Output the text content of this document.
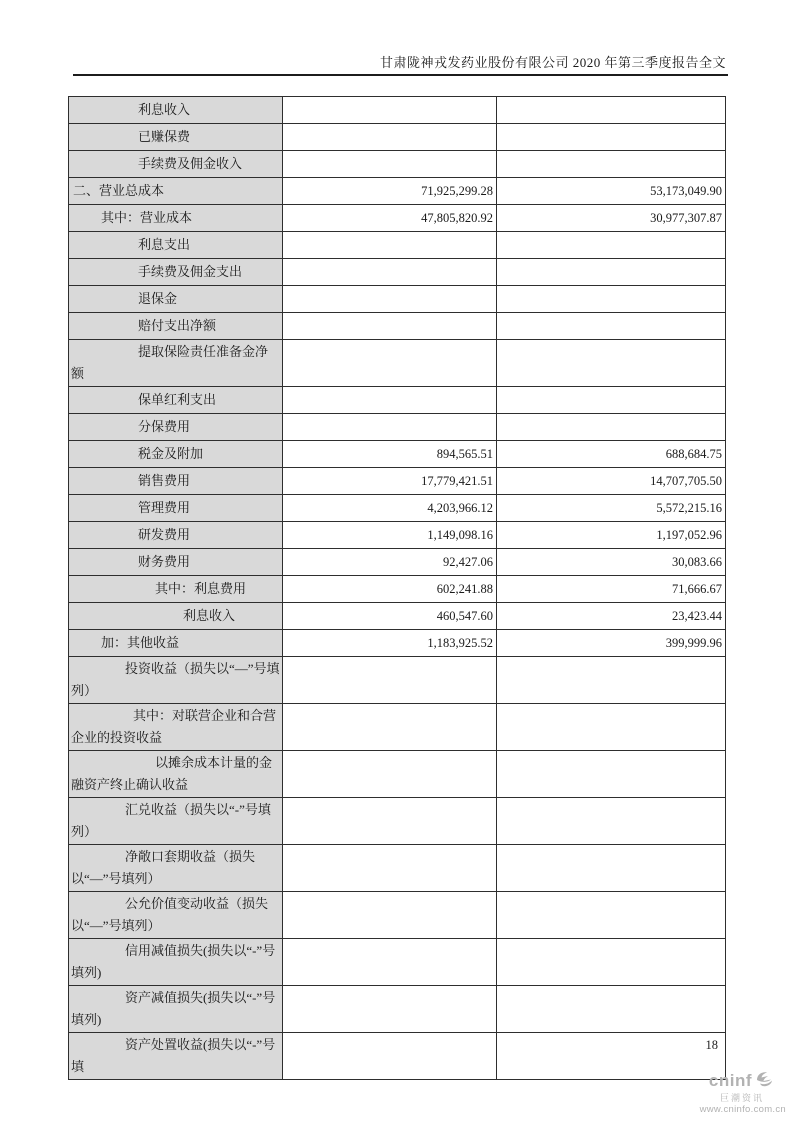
甘肃陇神戎发药业股份有限公司 2020 年第三季度报告全文

利息收入

已赚保费

手续费及佣金收入

二、营业总成本	71,925,299.28	53,173,049.90

其中：营业成本	47,805,820.92	30,977,307.87

利息支出

手续费及佣金支出

退保金

赔付支出净额

提取保险责任准备金净额

保单红利支出

分保费用

税金及附加	894,565.51	688,684.75

销售费用	17,779,421.51	14,707,705.50

管理费用	4,203,966.12	5,572,215.16

研发费用	1,149,098.16	1,197,052.96

财务费用	92,427.06	30,083.66

其中：利息费用	602,241.88	71,666.67

利息收入	460,547.60	23,423.44

加：其他收益	1,183,925.52	399,999.96

投资收益（损失以“—”号填列）

其中：对联营企业和合营企业的投资收益

以摊余成本计量的金融资产终止确认收益

汇兑收益（损失以“-”号填列）

净敞口套期收益（损失以“—”号填列）

公允价值变动收益（损失以“—”号填列）

信用减值损失(损失以“-”号填列)

资产减值损失(损失以“-”号填列)

资产处置收益(损失以“-”号填

18
cninf
巨潮资讯
www.cninfo.com.cn
